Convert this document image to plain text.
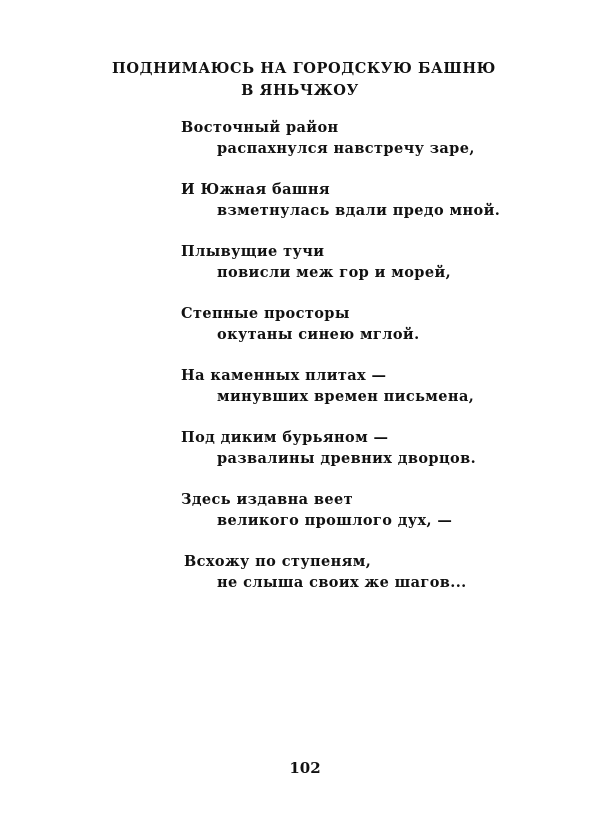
ПОДНИМАЮСЬ НА ГОРОДСКУЮ БАШНЮ
В ЯНЬЧЖОУ
Восточный район
распахнулся навстречу заре,
И Южная башня
взметнулась вдали предо мной.
Плывущие тучи
повисли меж гор и морей,
Степные просторы
окутаны синею мглой.
На каменных плитах —
минувших времен письмена,
Под диким бурьяном —
развалины древних дворцов.
Здесь издавна веет
великого прошлого дух, —
Всхожу по ступеням,
не слыша своих же шагов...
102
